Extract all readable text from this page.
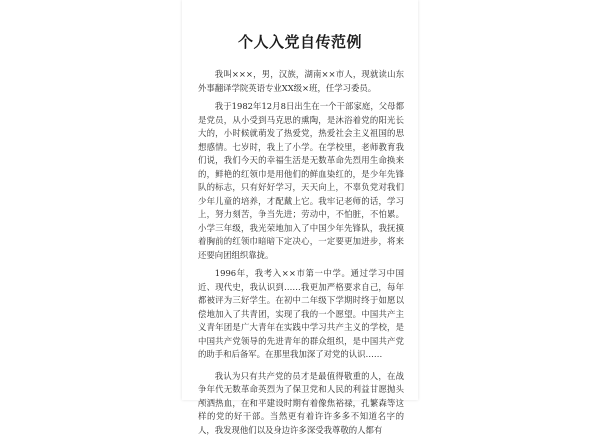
个人入党自传范例

我叫×××，男，汉族，湖南××市人，现就读山东外事翻译学院英语专业XX级×班，任学习委员。

我于1982年12月8日出生在一个干部家庭，父母都是党员，从小受到马克思的熏陶，是沐浴着党的阳光长大的，小时候就萌发了热爱党，热爱社会主义祖国的思想感情。七岁时，我上了小学。在学校里，老师教育我们说，我们今天的幸福生活是无数革命先烈用生命换来的，鲜艳的红领巾是用他们的鲜血染红的，是少年先锋队的标志，只有好好学习，天天向上，不辜负党对我们少年儿童的培养，才配戴上它。我牢记老师的话，学习上，努力刻苦，争当先进；劳动中，不怕脏，不怕累。小学三年级，我光荣地加入了中国少年先锋队，我抚摸着胸前的红领巾暗暗下定决心，一定要更加进步，将来还要向团组织靠拢。

1996年，我考入××市第一中学。通过学习中国近、现代史，我认识到……我更加严格要求自己，每年都被评为三好学生。在初中二年级下学期时终于如愿以偿地加入了共青团，实现了我的一个愿望。中国共产主义青年团是广大青年在实践中学习共产主义的学校，是中国共产党领导的先进青年的群众组织，是中国共产党的助手和后备军。在那里我加深了对党的认识……

我认为只有共产党的员才是最值得敬重的人，在战争年代无数革命英烈为了保卫党和人民的利益甘愿抛头颅洒热血，在和平建设时期有着像焦裕禄，孔繁森等这样的党的好干部。当然更有着许许多多不知道名字的人，我发现他们以及身边许多深受我尊敬的人都有
